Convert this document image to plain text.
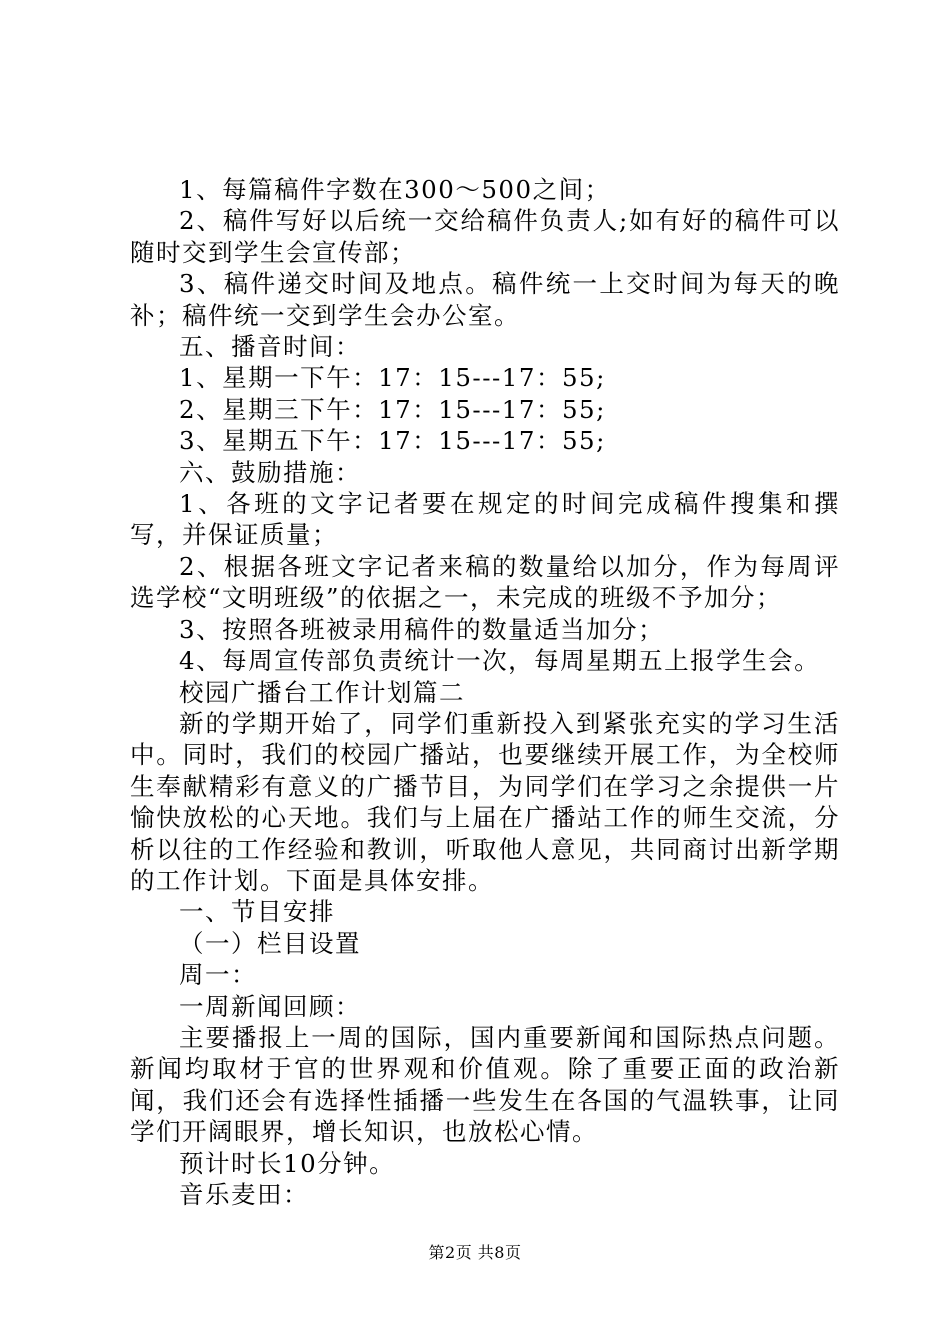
1、每篇稿件字数在300～500之间；

2、稿件写好以后统一交给稿件负责人;如有好的稿件可以随时交到学生会宣传部；

3、稿件递交时间及地点。稿件统一上交时间为每天的晚补；稿件统一交到学生会办公室。

五、播音时间：

1、星期一下午：17：15---17：55;

2、星期三下午：17：15---17：55;

3、星期五下午：17：15---17：55;

六、鼓励措施：

1、各班的文字记者要在规定的时间完成稿件搜集和撰写，并保证质量；

2、根据各班文字记者来稿的数量给以加分，作为每周评选学校“文明班级”的依据之一，未完成的班级不予加分；

3、按照各班被录用稿件的数量适当加分；

4、每周宣传部负责统计一次，每周星期五上报学生会。

校园广播台工作计划篇二

新的学期开始了，同学们重新投入到紧张充实的学习生活中。同时，我们的校园广播站，也要继续开展工作，为全校师生奉献精彩有意义的广播节目，为同学们在学习之余提供一片愉快放松的心天地。我们与上届在广播站工作的师生交流，分析以往的工作经验和教训，听取他人意见，共同商讨出新学期的工作计划。下面是具体安排。

一、节目安排

（一）栏目设置

周一：

一周新闻回顾：

主要播报上一周的国际，国内重要新闻和国际热点问题。新闻均取材于官的世界观和价值观。除了重要正面的政治新闻，我们还会有选择性插播一些发生在各国的气温轶事，让同学们开阔眼界，增长知识，也放松心情。

预计时长10分钟。

音乐麦田：

第2页 共8页
